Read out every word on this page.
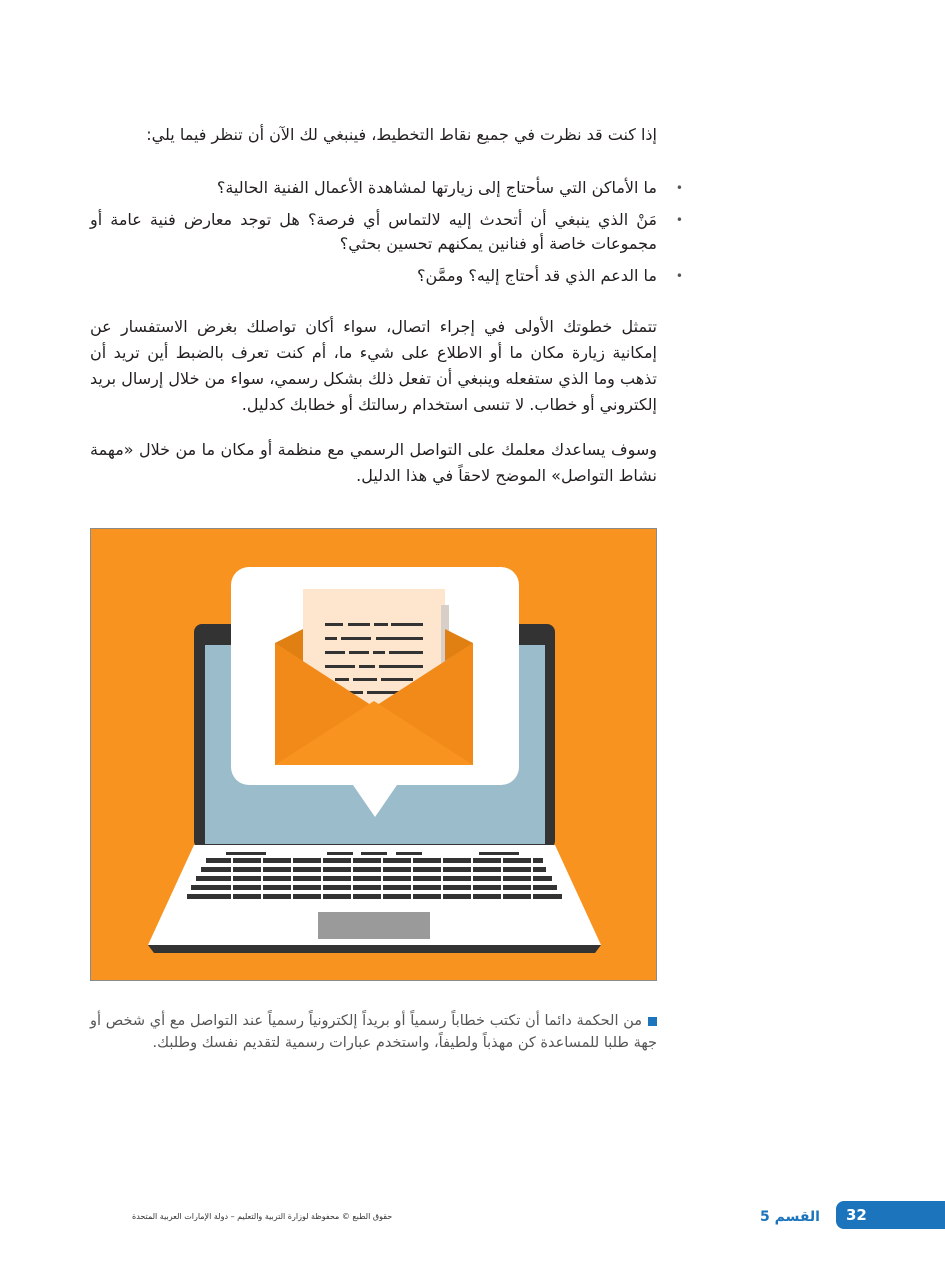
إذا كنت قد نظرت في جميع نقاط التخطيط، فينبغي لك الآن أن تنظر فيما يلي:

• ما الأماكن التي سأحتاج إلى زيارتها لمشاهدة الأعمال الفنية الحالية؟
• مَنْ الذي ينبغي أن أتحدث إليه لالتماس أي فرصة؟ هل توجد معارض فنية عامة أو مجموعات خاصة أو فنانين يمكنهم تحسين بحثي؟
• ما الدعم الذي قد أحتاج إليه؟ وممَّن؟

تتمثل خطوتك الأولى في إجراء اتصال، سواء أكان تواصلك بغرض الاستفسار عن إمكانية زيارة مكان ما أو الاطلاع على شيء ما، أم كنت تعرف بالضبط أين تريد أن تذهب وما الذي ستفعله وينبغي أن تفعل ذلك بشكل رسمي، سواء من خلال إرسال بريد إلكتروني أو خطاب. لا تنسى استخدام رسالتك أو خطابك كدليل.

وسوف يساعدك معلمك على التواصل الرسمي مع منظمة أو مكان ما من خلال «مهمة نشاط التواصل» الموضح لاحقاً في هذا الدليل.

من الحكمة دائما أن تكتب خطاباً رسمياً أو بريداً إلكترونياً رسمياً عند التواصل مع أي شخص أو جهة طلبا للمساعدة كن مهذباً ولطيفاً، واستخدم عبارات رسمية لتقديم نفسك وطلبك.

حقوق الطبع © محفوظة لوزارة التربية والتعليم – دولة الإمارات العربية المتحدة	القسم 5 32
